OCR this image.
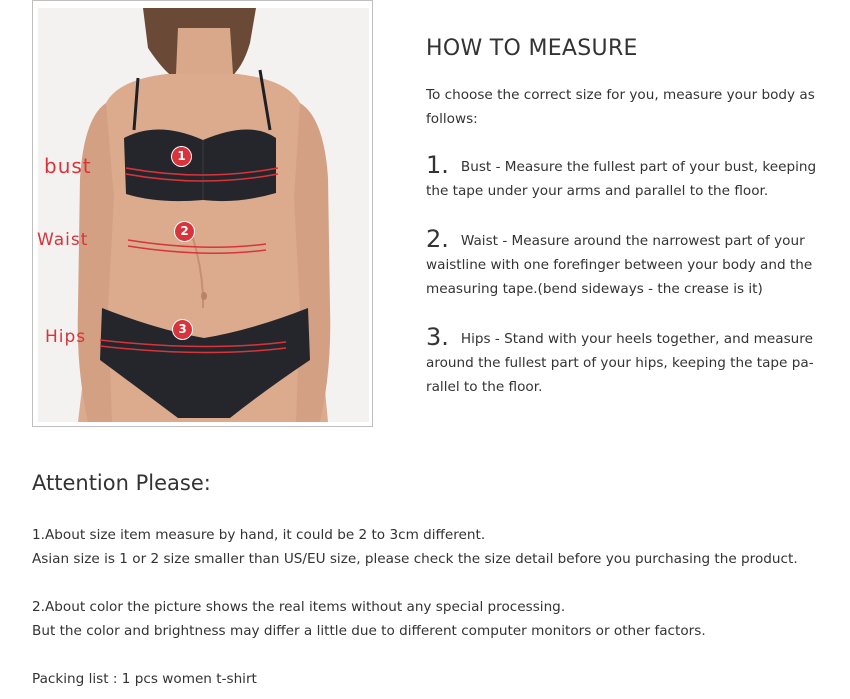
bust
Waist
Hips
1
2
3
HOW TO MEASURE

To choose the correct size for you, measure your body as follows:

1. Bust - Measure the fullest part of your bust, keeping the tape under your arms and parallel to the floor.

2. Waist - Measure around the narrowest part of your waistline with one forefinger between your body and the measuring tape.(bend sideways - the crease is it)

3. Hips - Stand with your heels together, and measure around the fullest part of your hips, keeping the tape pa-rallel to the floor.

Attention Please:

1.About size item measure by hand, it could be 2 to 3cm different.

Asian size is 1 or 2 size smaller than US/EU size, please check the size detail before you purchasing the product.

2.About color the picture shows the real items without any special processing.

But the color and brightness may differ a little due to different computer monitors or other factors.

Packing list : 1 pcs women t-shirt
